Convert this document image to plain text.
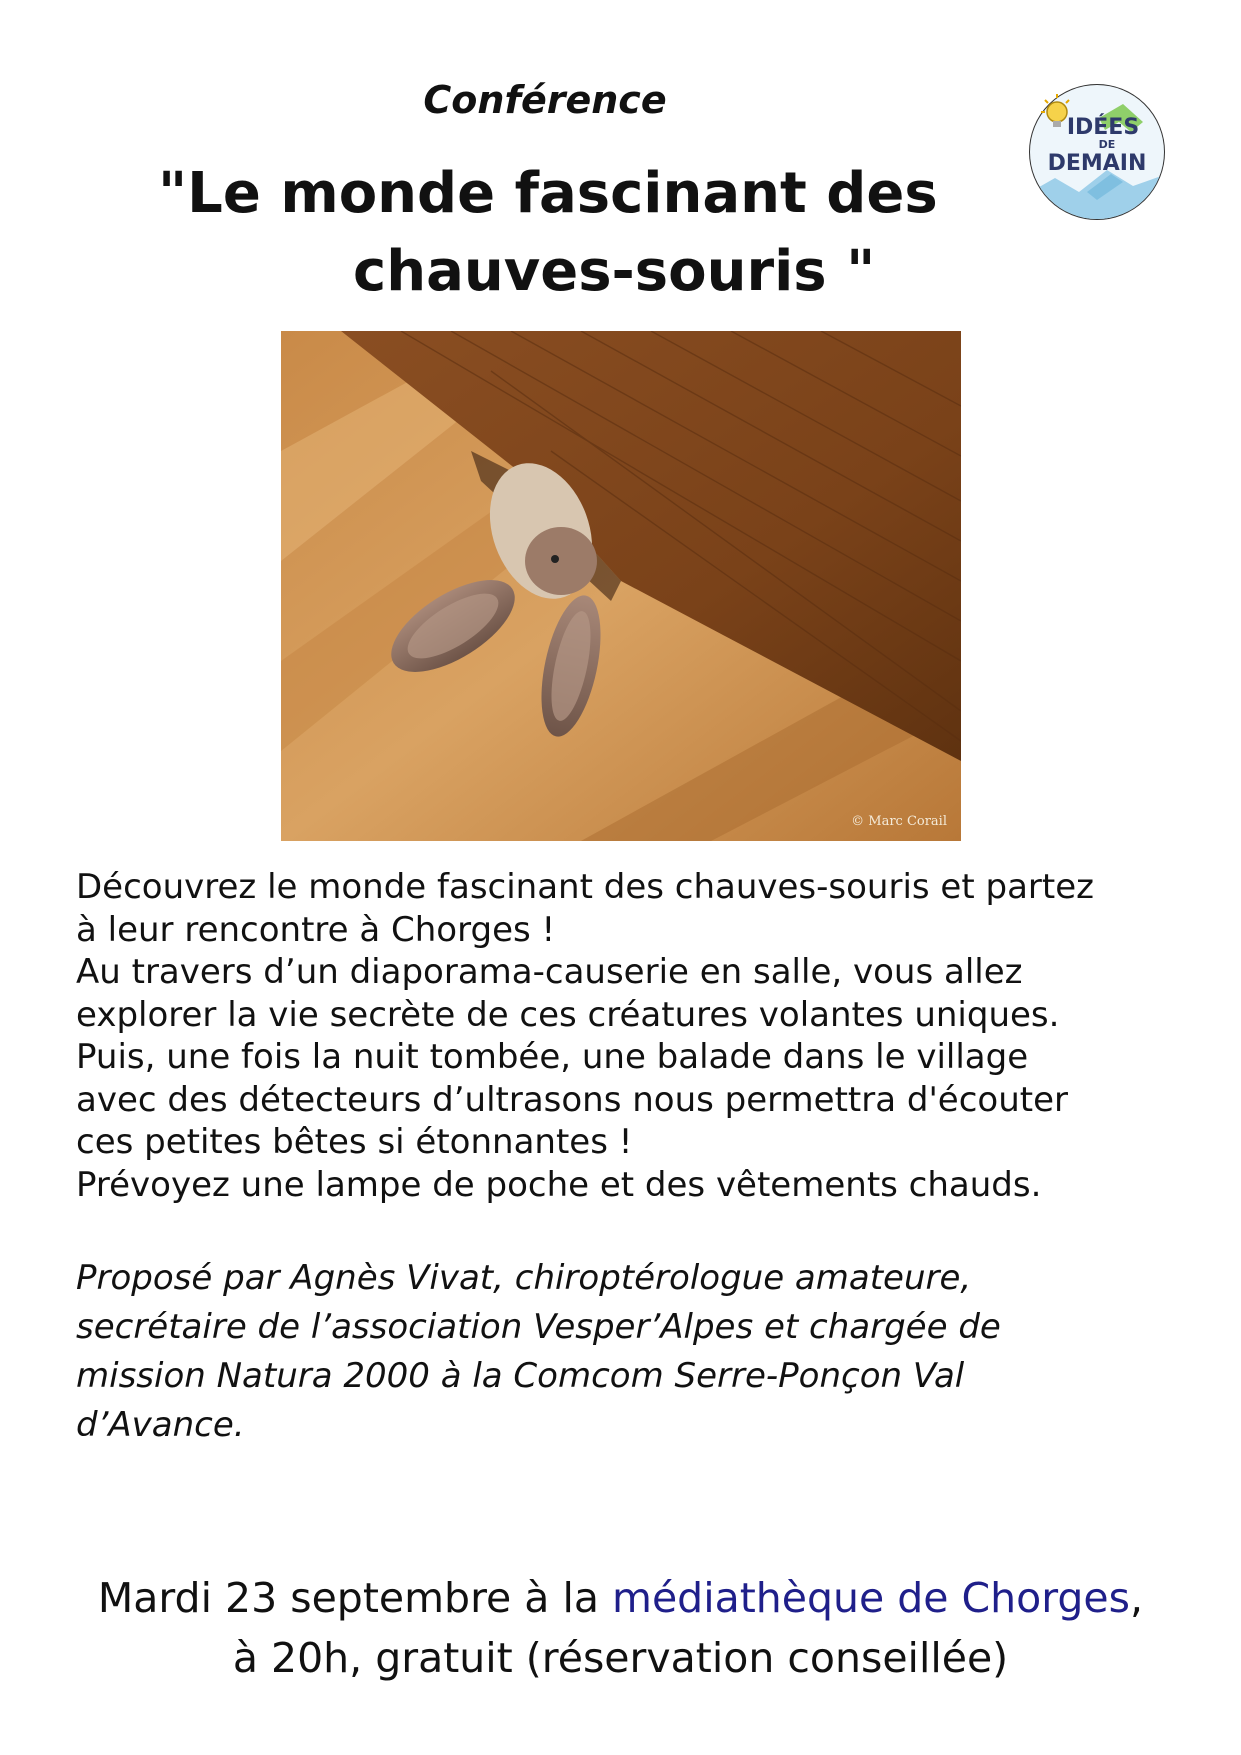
Conférence
"Le monde fascinant des
chauves-souris "
IDÉES
DE
DEMAIN
© Marc Corail

Découvrez le monde fascinant des chauves-souris et partez

à leur rencontre à Chorges !

Au travers d’un diaporama-causerie en salle, vous allez

explorer la vie secrète de ces créatures volantes uniques.

Puis, une fois la nuit tombée, une balade dans le village

avec des détecteurs d’ultrasons nous permettra d'écouter

ces petites bêtes si étonnantes !

Prévoyez une lampe de poche et des vêtements chauds.

Proposé par Agnès Vivat, chiroptérologue amateure,
secrétaire de l’association Vesper’Alpes et chargée de
mission Natura 2000 à la Comcom Serre-Ponçon Val
d’Avance.

Mardi 23 septembre à la médiathèque de Chorges,

à 20h, gratuit (réservation conseillée)
